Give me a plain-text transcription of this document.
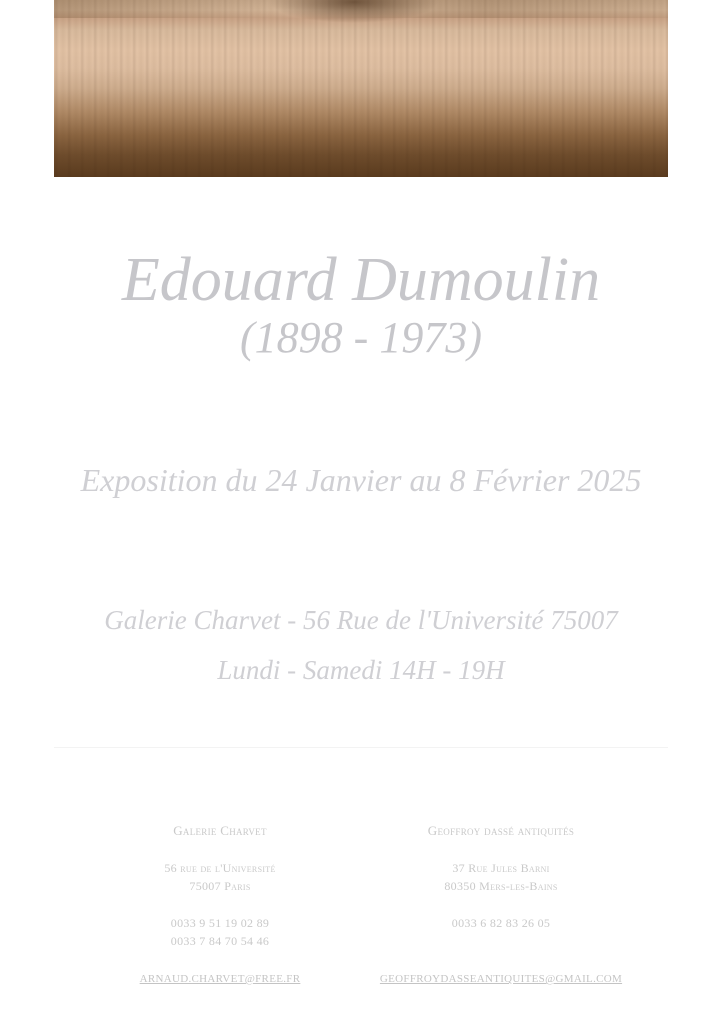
Edouard Dumoulin
(1898 - 1973)
Exposition du 24 Janvier au 8 Février 2025
Galerie Charvet - 56 Rue de l'Université 75007
Lundi - Samedi 14H - 19H
Galerie Charvet
56 rue de l'Université
75007 Paris
0033 9 51 19 02 89
0033 7 84 70 54 46
ARNAUD.CHARVET@FREE.FR
Geoffroy dassé antiquités
37 Rue Jules Barni
80350 Mers-les-Bains
0033 6 82 83 26 05
GEOFFROYDASSEANTIQUITES@GMAIL.COM
